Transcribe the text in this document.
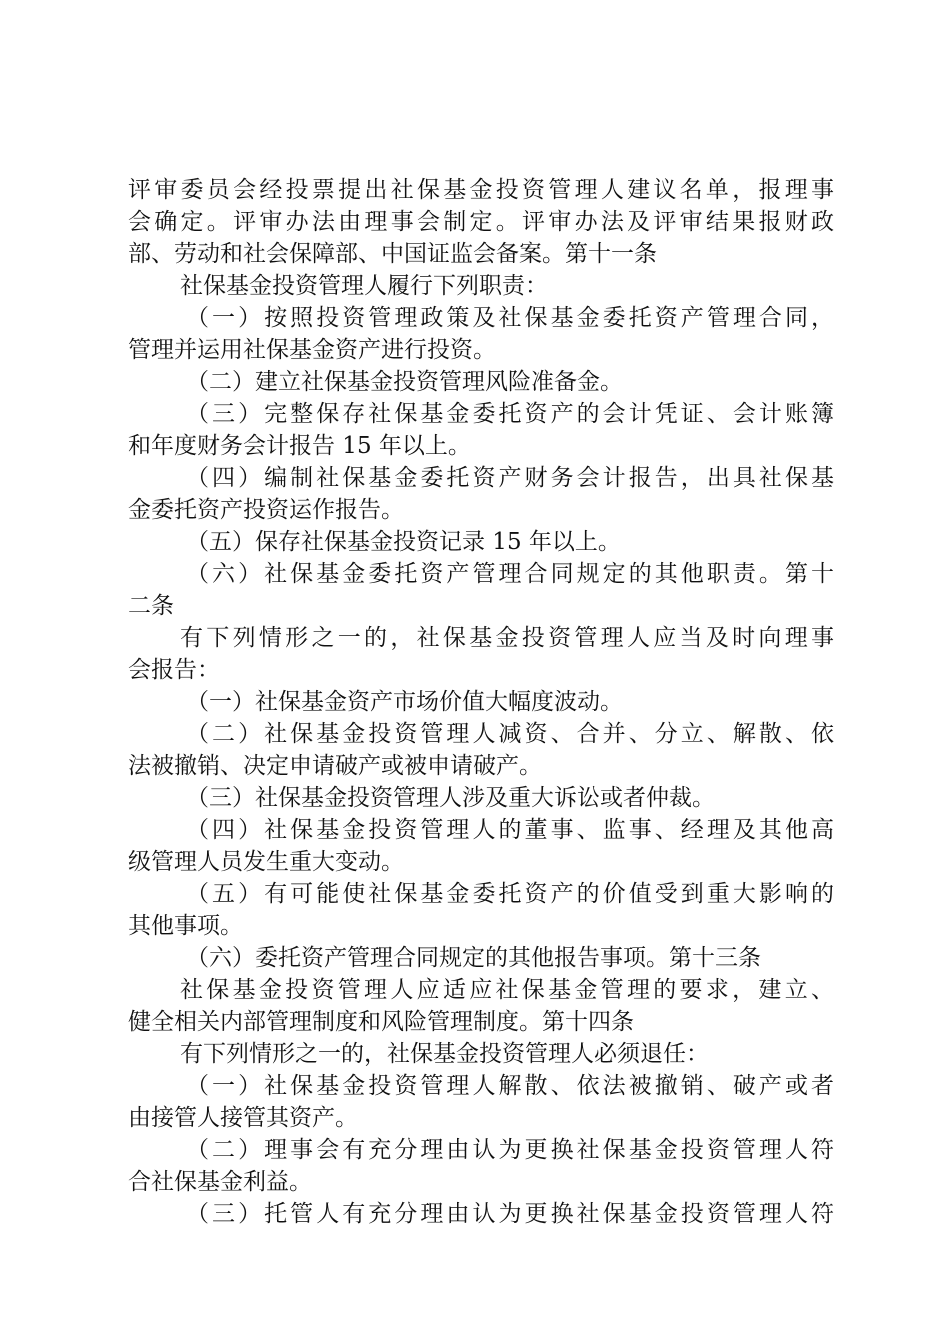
评审委员会经投票提出社保基金投资管理人建议名单，报理事
会确定。评审办法由理事会制定。评审办法及评审结果报财政
部、劳动和社会保障部、中国证监会备案。第十一条
社保基金投资管理人履行下列职责：
（一）按照投资管理政策及社保基金委托资产管理合同，
管理并运用社保基金资产进行投资。
（二）建立社保基金投资管理风险准备金。
（三）完整保存社保基金委托资产的会计凭证、会计账簿
和年度财务会计报告 15 年以上。
（四）编制社保基金委托资产财务会计报告，出具社保基
金委托资产投资运作报告。
（五）保存社保基金投资记录 15 年以上。
（六）社保基金委托资产管理合同规定的其他职责。第十
二条
有下列情形之一的，社保基金投资管理人应当及时向理事
会报告：
（一）社保基金资产市场价值大幅度波动。
（二）社保基金投资管理人减资、合并、分立、解散、依
法被撤销、决定申请破产或被申请破产。
（三）社保基金投资管理人涉及重大诉讼或者仲裁。
（四）社保基金投资管理人的董事、监事、经理及其他高
级管理人员发生重大变动。
（五）有可能使社保基金委托资产的价值受到重大影响的
其他事项。
（六）委托资产管理合同规定的其他报告事项。第十三条
社保基金投资管理人应适应社保基金管理的要求，建立、
健全相关内部管理制度和风险管理制度。第十四条
有下列情形之一的，社保基金投资管理人必须退任：
（一）社保基金投资管理人解散、依法被撤销、破产或者
由接管人接管其资产。
（二）理事会有充分理由认为更换社保基金投资管理人符
合社保基金利益。
（三）托管人有充分理由认为更换社保基金投资管理人符
